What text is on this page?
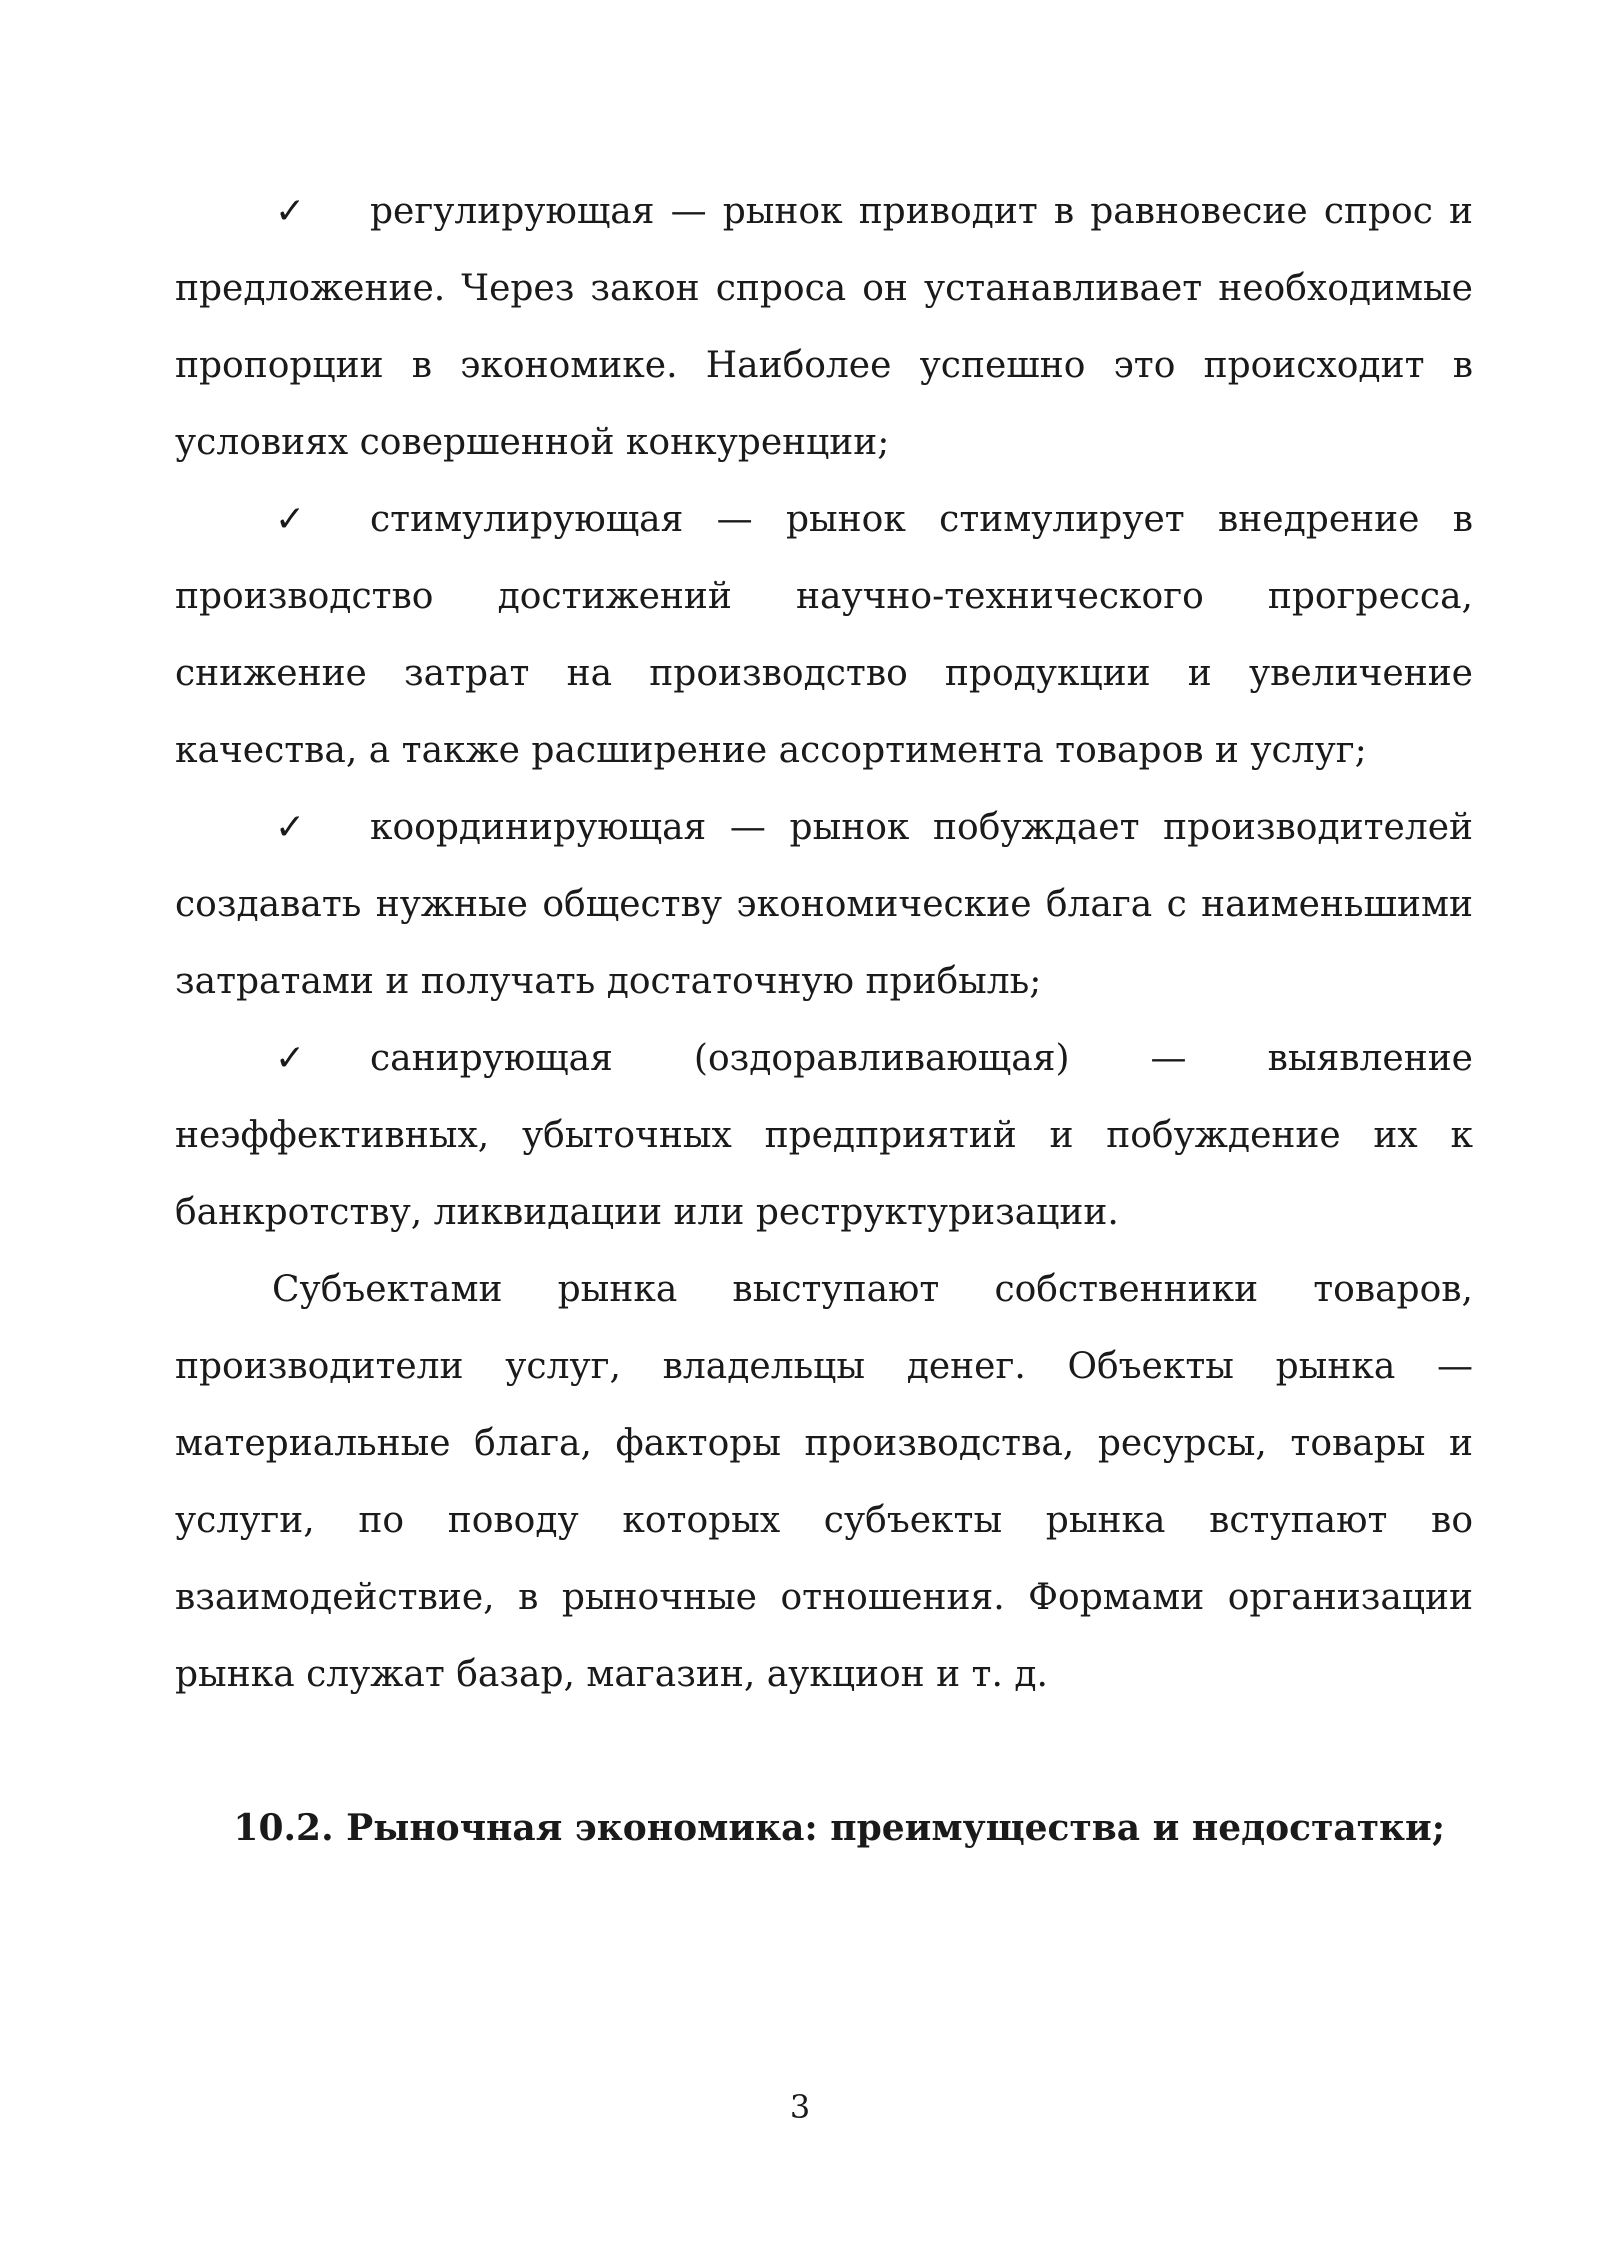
✓ регулирующая — рынок приводит в равновесие спрос и предложение. Через закон спроса он устанавливает необходимые пропорции в экономике. Наиболее успешно это происходит в условиях совершенной конкуренции;

✓ стимулирующая — рынок стимулирует внедрение в производство достижений научно-технического прогресса, снижение затрат на производство продукции и увеличение качества, а также расширение ассортимента товаров и услуг;

✓ координирующая — рынок побуждает производителей создавать нужные обществу экономические блага с наименьшими затратами и получать достаточную прибыль;

✓ санирующая (оздоравливающая) — выявление неэффективных, убыточных предприятий и побуждение их к банкротству, ликвидации или реструктуризации.

Субъектами рынка выступают собственники товаров, производители услуг, владельцы денег. Объекты рынка — материальные блага, факторы производства, ресурсы, товары и услуги, по поводу которых субъекты рынка вступают во взаимодействие, в рыночные отношения. Формами организации рынка служат базар, магазин, аукцион и т. д.

10.2. Рыночная экономика: преимущества и недостатки;

3
